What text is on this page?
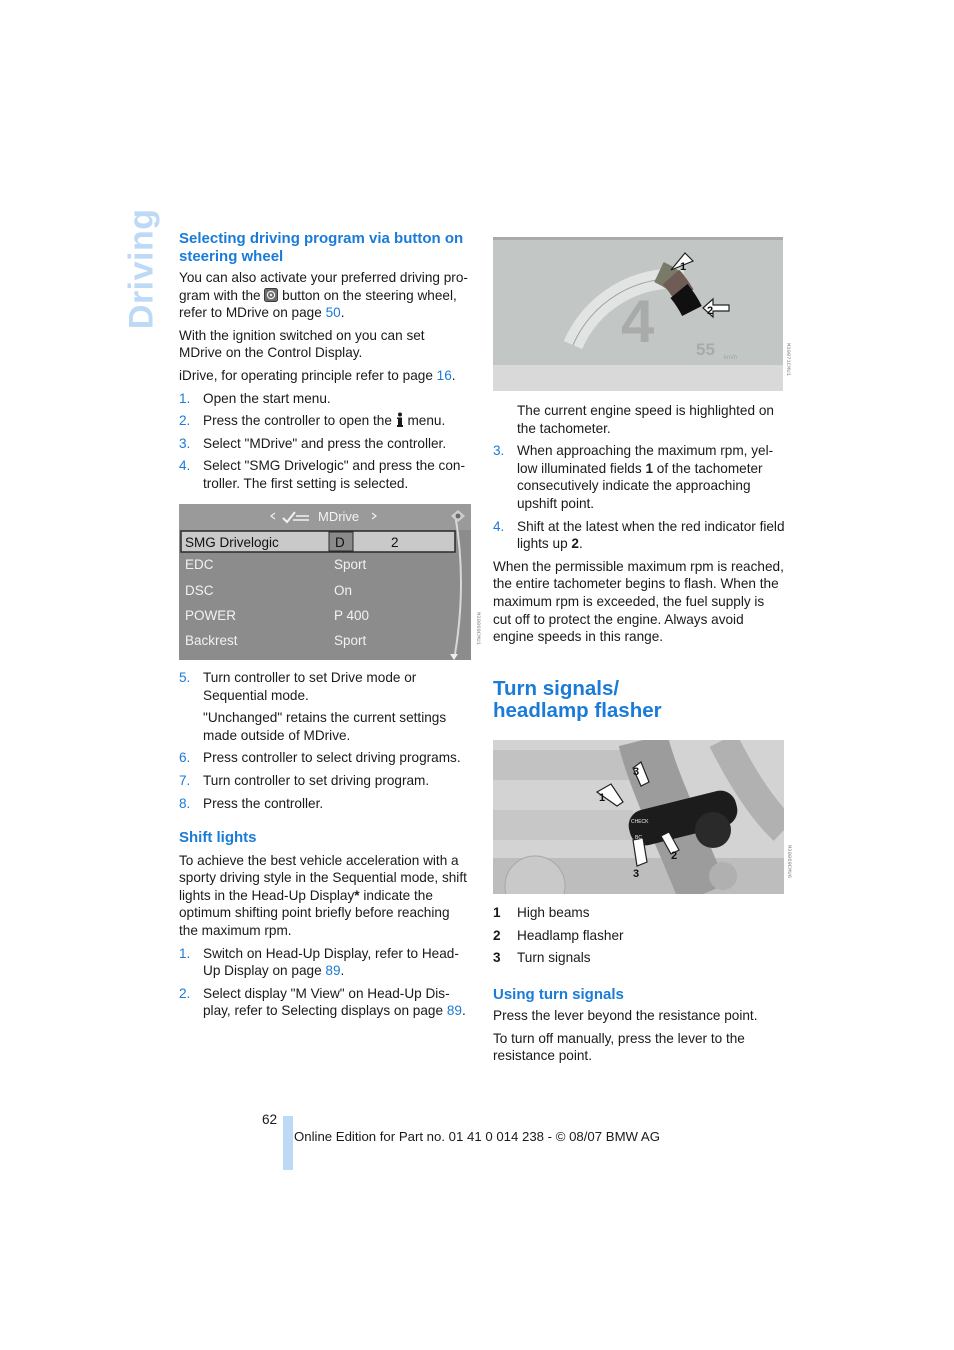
Driving Selecting driving program via button on steering wheel

You can also activate your preferred driving pro-
gram with the button on the steering wheel,
refer to MDrive on page 50.

With the ignition switched on you can set MDrive on the Control Display.

iDrive, for operating principle refer to page 16.

1. Open the start menu.
2. Press the controller to open the menu.
3. Select "MDrive" and press the controller.
4. Select "SMG Drivelogic" and press the con-troller. The first setting is selected.
MDrive
SMG Drivelogic	D	2
EDC	Sport
DSC	On
POWER	P 400
Backrest	Sport	M30069CMU1
5. Turn controller to set Drive mode or Sequential mode.
"Unchanged" retains the current settings made outside of MDrive.
6. Press controller to select driving programs.
7. Turn controller to set driving program.
8. Press the controller.
Shift lights

To achieve the best vehicle acceleration with a sporty driving style in the Sequential mode, shift lights in the Head-Up Display* indicate the optimum shifting point briefly before reaching the maximum rpm.

1. Switch on Head-Up Display, refer to Head-Up Display on page 89.
2. Select display "M View" on Head-Up Dis-play, refer to Selecting displays on page 89.
4 55 km/h
1
2
M30071CMU1
The current engine speed is highlighted on the tachometer.
3. When approaching the maximum rpm, yel-low illuminated fields 1 of the tachometer consecutively indicate the approaching upshift point.
4. Shift at the latest when the red indicator field lights up 2.

When the permissible maximum rpm is reached, the entire tachometer begins to flash. When the maximum rpm is exceeded, the fuel supply is cut off to protect the engine. Always avoid engine speeds in this range.

Turn signals/
headlamp flasher
CHECK
BC
1
2
3
3	M30069CMU6
1 High beams
2 Headlamp flasher
3 Turn signals
Using turn signals

Press the lever beyond the resistance point.

To turn off manually, press the lever to the resistance point.

62
Online Edition for Part no. 01 41 0 014 238 - © 08/07 BMW AG
